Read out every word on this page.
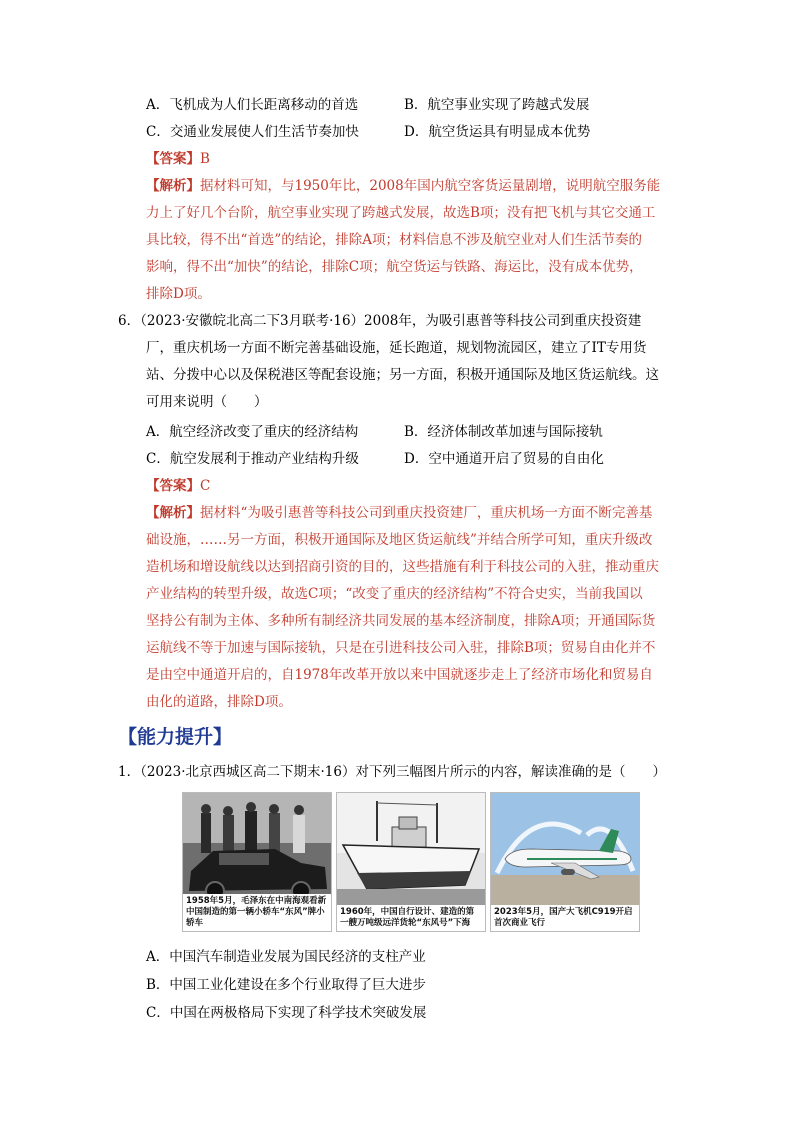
A．飞机成为人们长距离移动的首选	B．航空事业实现了跨越式发展
C．交通业发展使人们生活节奏加快	D．航空货运具有明显成本优势
【答案】B
【解析】据材料可知，与1950年比，2008年国内航空客货运量剧增，说明航空服务能
力上了好几个台阶，航空事业实现了跨越式发展，故选B项；没有把飞机与其它交通工
具比较，得不出“首选”的结论，排除A项；材料信息不涉及航空业对人们生活节奏的
影响，得不出“加快”的结论，排除C项；航空货运与铁路、海运比，没有成本优势，
排除D项。
6．（2023·安徽皖北高二下3月联考·16）2008年，为吸引惠普等科技公司到重庆投资建
厂，重庆机场一方面不断完善基础设施，延长跑道，规划物流园区，建立了IT专用货
站、分拨中心以及保税港区等配套设施；另一方面，积极开通国际及地区货运航线。这
可用来说明（　　）
A．航空经济改变了重庆的经济结构	B．经济体制改革加速与国际接轨
C．航空发展利于推动产业结构升级	D．空中通道开启了贸易的自由化
【答案】C
【解析】据材料“为吸引惠普等科技公司到重庆投资建厂，重庆机场一方面不断完善基
础设施，……另一方面，积极开通国际及地区货运航线”并结合所学可知，重庆升级改
造机场和增设航线以达到招商引资的目的，这些措施有利于科技公司的入驻，推动重庆
产业结构的转型升级，故选C项；“改变了重庆的经济结构”不符合史实，当前我国以
坚持公有制为主体、多种所有制经济共同发展的基本经济制度，排除A项；开通国际货
运航线不等于加速与国际接轨，只是在引进科技公司入驻，排除B项；贸易自由化并不
是由空中通道开启的，自1978年改革开放以来中国就逐步走上了经济市场化和贸易自
由化的道路，排除D项。
【能力提升】
1．（2023·北京西城区高二下期末·16）对下列三幅图片所示的内容，解读准确的是（　　）
1958年5月，毛泽东在中南海观看新中国制造的第一辆小轿车“东风”牌小轿车
1960年，中国自行设计、建造的第一艘万吨级远洋货轮“东风号”下海
2023年5月，国产大飞机C919开启首次商业飞行
A．中国汽车制造业发展为国民经济的支柱产业
B．中国工业化建设在多个行业取得了巨大进步
C．中国在两极格局下实现了科学技术突破发展
